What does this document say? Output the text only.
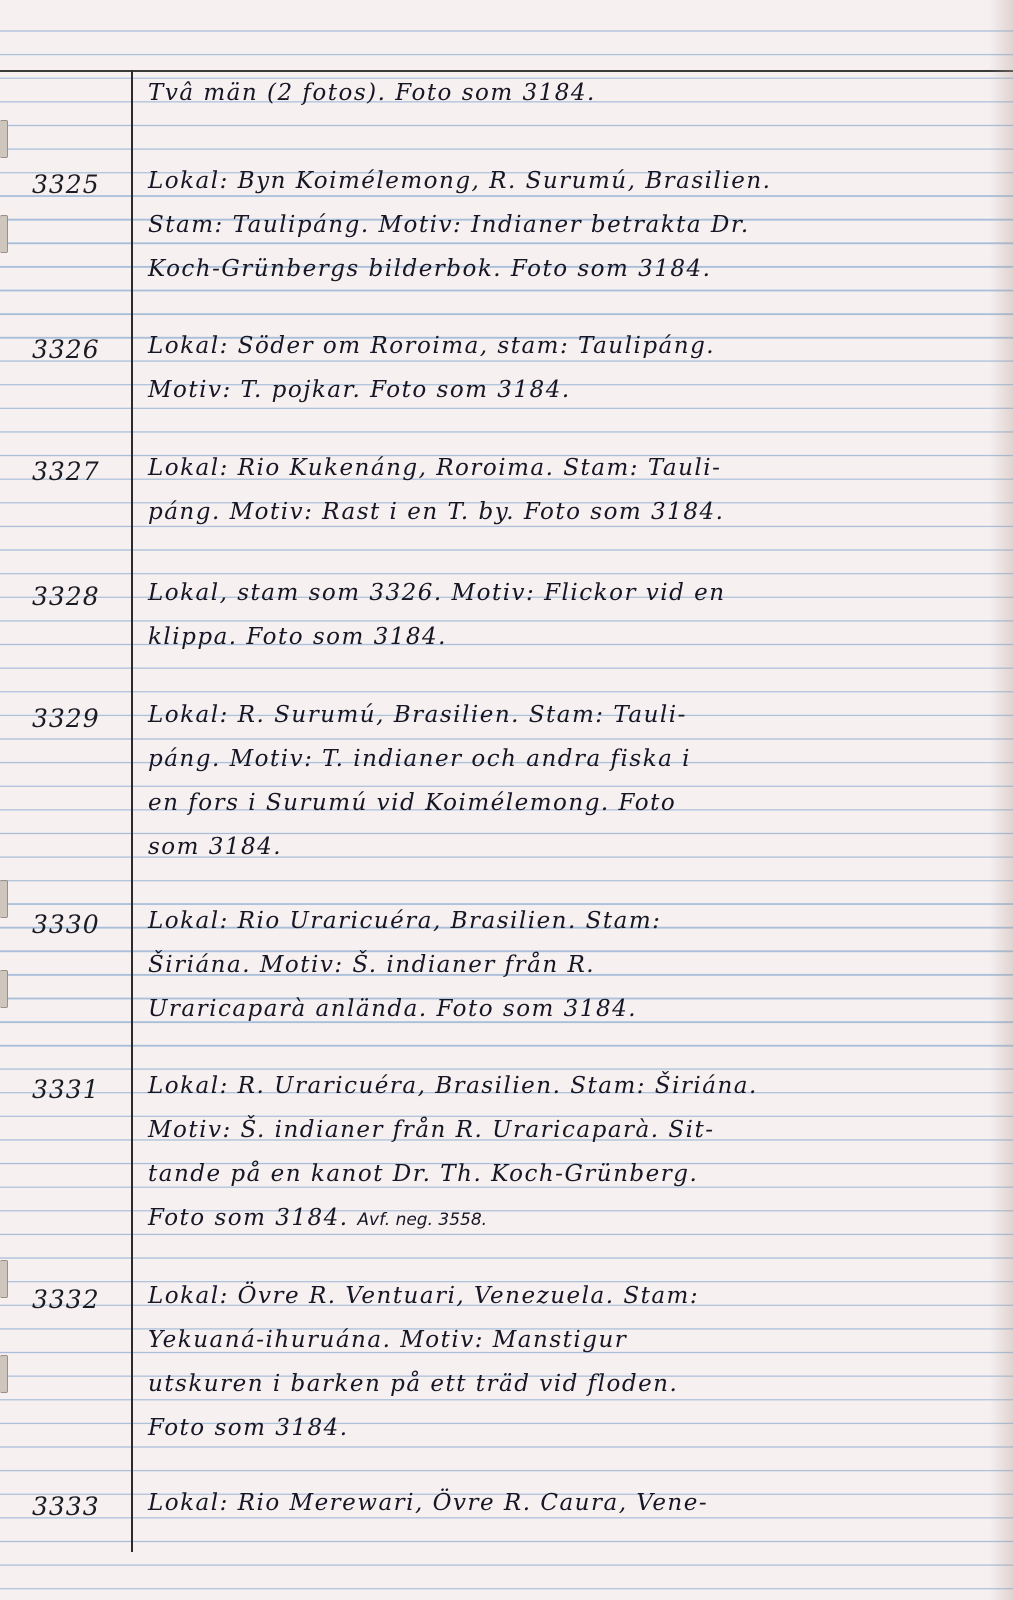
Tvâ män (2 fotos). Foto som 3184.
3325	Lokal: Byn Koimélemong, R. Surumú, Brasilien.
Stam: Taulipáng. Motiv: Indianer betrakta Dr.
Koch-Grünbergs bilderbok. Foto som 3184.
3326	Lokal: Söder om Roroima, stam: Taulipáng.
Motiv: T. pojkar. Foto som 3184.
3327	Lokal: Rio Kukenáng, Roroima. Stam: Tauli-
páng. Motiv: Rast i en T. by. Foto som 3184.
3328	Lokal, stam som 3326. Motiv: Flickor vid en
klippa. Foto som 3184.
3329	Lokal: R. Surumú, Brasilien. Stam: Tauli-
páng. Motiv: T. indianer och andra fiska i
en fors i Surumú vid Koimélemong. Foto
som 3184.
3330	Lokal: Rio Uraricuéra, Brasilien. Stam:
Širiána. Motiv: Š. indianer från R.
Uraricaparà anlända. Foto som 3184.
3331	Lokal: R. Uraricuéra, Brasilien. Stam: Širiána.
Motiv: Š. indianer från R. Uraricaparà. Sit-
tande på en kanot Dr. Th. Koch-Grünberg.
Foto som 3184. Avf. neg. 3558.
3332	Lokal: Övre R. Ventuari, Venezuela. Stam:
Yekuaná-ihuruána. Motiv: Manstigur
utskuren i barken på ett träd vid floden.
Foto som 3184.
3333	Lokal: Rio Merewari, Övre R. Caura, Vene-
